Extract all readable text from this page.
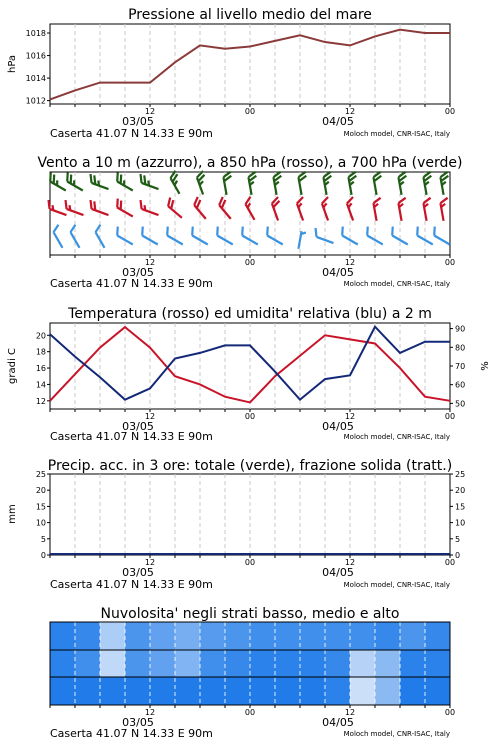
Pressione al livello medio del mare
1012
1014
1016
1018
hPa
12	00	12	00
03/05	04/05
Caserta 41.07 N 14.33 E 90m	Moloch model, CNR-ISAC, Italy
Vento a 10 m (azzurro), a 850 hPa (rosso), a 700 hPa (verde)
12	00	12	00
03/05	04/05
Caserta 41.07 N 14.33 E 90m	Moloch model, CNR-ISAC, Italy
Temperatura (rosso) ed umidita' relativa (blu) a 2 m
12
14
16
18
20
50
60
70
80
90
gradi C	%
12	00	12	00
03/05	04/05
Caserta 41.07 N 14.33 E 90m	Moloch model, CNR-ISAC, Italy
Precip. acc. in 3 ore: totale (verde), frazione solida (tratt.)
0
5
10
15
20
25
0
5
10
15
20
25
mm
12	00	12	00
03/05	04/05
Caserta 41.07 N 14.33 E 90m	Moloch model, CNR-ISAC, Italy
Nuvolosita' negli strati basso, medio e alto
12	00	12	00
03/05	04/05
Caserta 41.07 N 14.33 E 90m	Moloch model, CNR-ISAC, Italy
